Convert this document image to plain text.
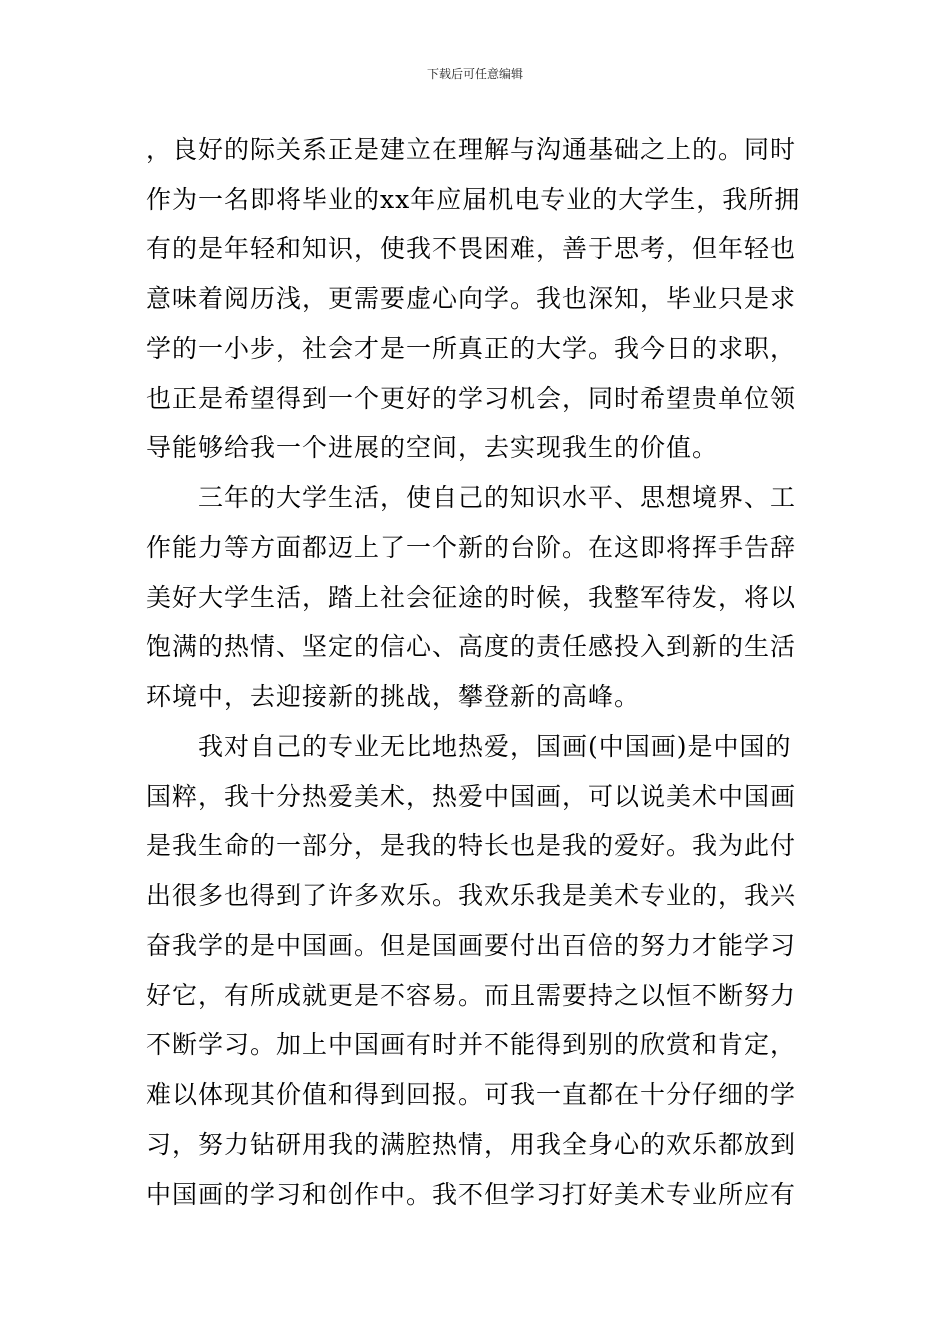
下载后可任意编辑
，良好的际关系正是建立在理解与沟通基础之上的。同时
作为一名即将毕业的xx年应届机电专业的大学生，我所拥
有的是年轻和知识，使我不畏困难，善于思考，但年轻也
意味着阅历浅，更需要虚心向学。我也深知，毕业只是求
学的一小步，社会才是一所真正的大学。我今日的求职，
也正是希望得到一个更好的学习机会，同时希望贵单位领
导能够给我一个进展的空间，去实现我生的价值。
三年的大学生活，使自己的知识水平、思想境界、工
作能力等方面都迈上了一个新的台阶。在这即将挥手告辞
美好大学生活，踏上社会征途的时候，我整军待发，将以
饱满的热情、坚定的信心、高度的责任感投入到新的生活
环境中，去迎接新的挑战，攀登新的高峰。
我对自己的专业无比地热爱，国画(中国画)是中国的
国粹，我十分热爱美术，热爱中国画，可以说美术中国画
是我生命的一部分，是我的特长也是我的爱好。我为此付
出很多也得到了许多欢乐。我欢乐我是美术专业的，我兴
奋我学的是中国画。但是国画要付出百倍的努力才能学习
好它，有所成就更是不容易。而且需要持之以恒不断努力
不断学习。加上中国画有时并不能得到别的欣赏和肯定，
难以体现其价值和得到回报。可我一直都在十分仔细的学
习，努力钻研用我的满腔热情，用我全身心的欢乐都放到
中国画的学习和创作中。我不但学习打好美术专业所应有
